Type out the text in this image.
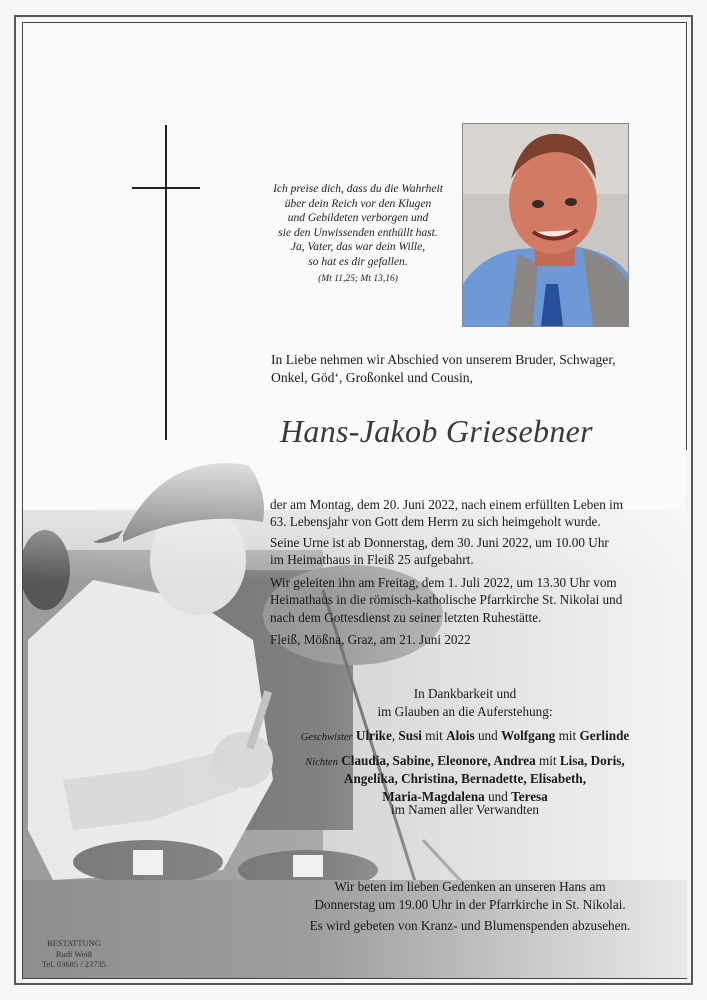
Ich preise dich, dass du die Wahrheit
über dein Reich vor den Klugen
und Gebildeten verborgen und
sie den Unwissenden enthüllt hast.
Ja, Vater, das war dein Wille,
so hat es dir gefallen.
(Mt 11,25; Mt 13,16)
In Liebe nehmen wir Abschied von unserem Bruder, Schwager,
Onkel, Göd‘, Großonkel und Cousin,
Hans-Jakob Griesebner
der am Montag, dem 20. Juni 2022, nach einem erfüllten Leben im
63. Lebensjahr von Gott dem Herrn zu sich heimgeholt wurde.
Seine Urne ist ab Donnerstag, dem 30. Juni 2022, um 10.00 Uhr
im Heimathaus in Fleiß 25 aufgebahrt.
Wir geleiten ihn am Freitag, dem 1. Juli 2022, um 13.30 Uhr vom
Heimathaus in die römisch-katholische Pfarrkirche St. Nikolai und
nach dem Gottesdienst zu seiner letzten Ruhestätte.
Fleiß, Mößna, Graz, am 21. Juni 2022
In Dankbarkeit und
im Glauben an die Auferstehung:
Geschwister Ulrike, Susi mit Alois und Wolfgang mit Gerlinde
Nichten Claudia, Sabine, Eleonore, Andrea mit Lisa, Doris,
Angelika, Christina, Bernadette, Elisabeth,
Maria-Magdalena und Teresa
im Namen aller Verwandten
Wir beten im lieben Gedenken an unseren Hans am
Donnerstag um 19.00 Uhr in der Pfarrkirche in St. Nikolai.
Es wird gebeten von Kranz- und Blumenspenden abzusehen.
BESTATTUNG
Rudi Weiß
Tel. 03685 / 23735
